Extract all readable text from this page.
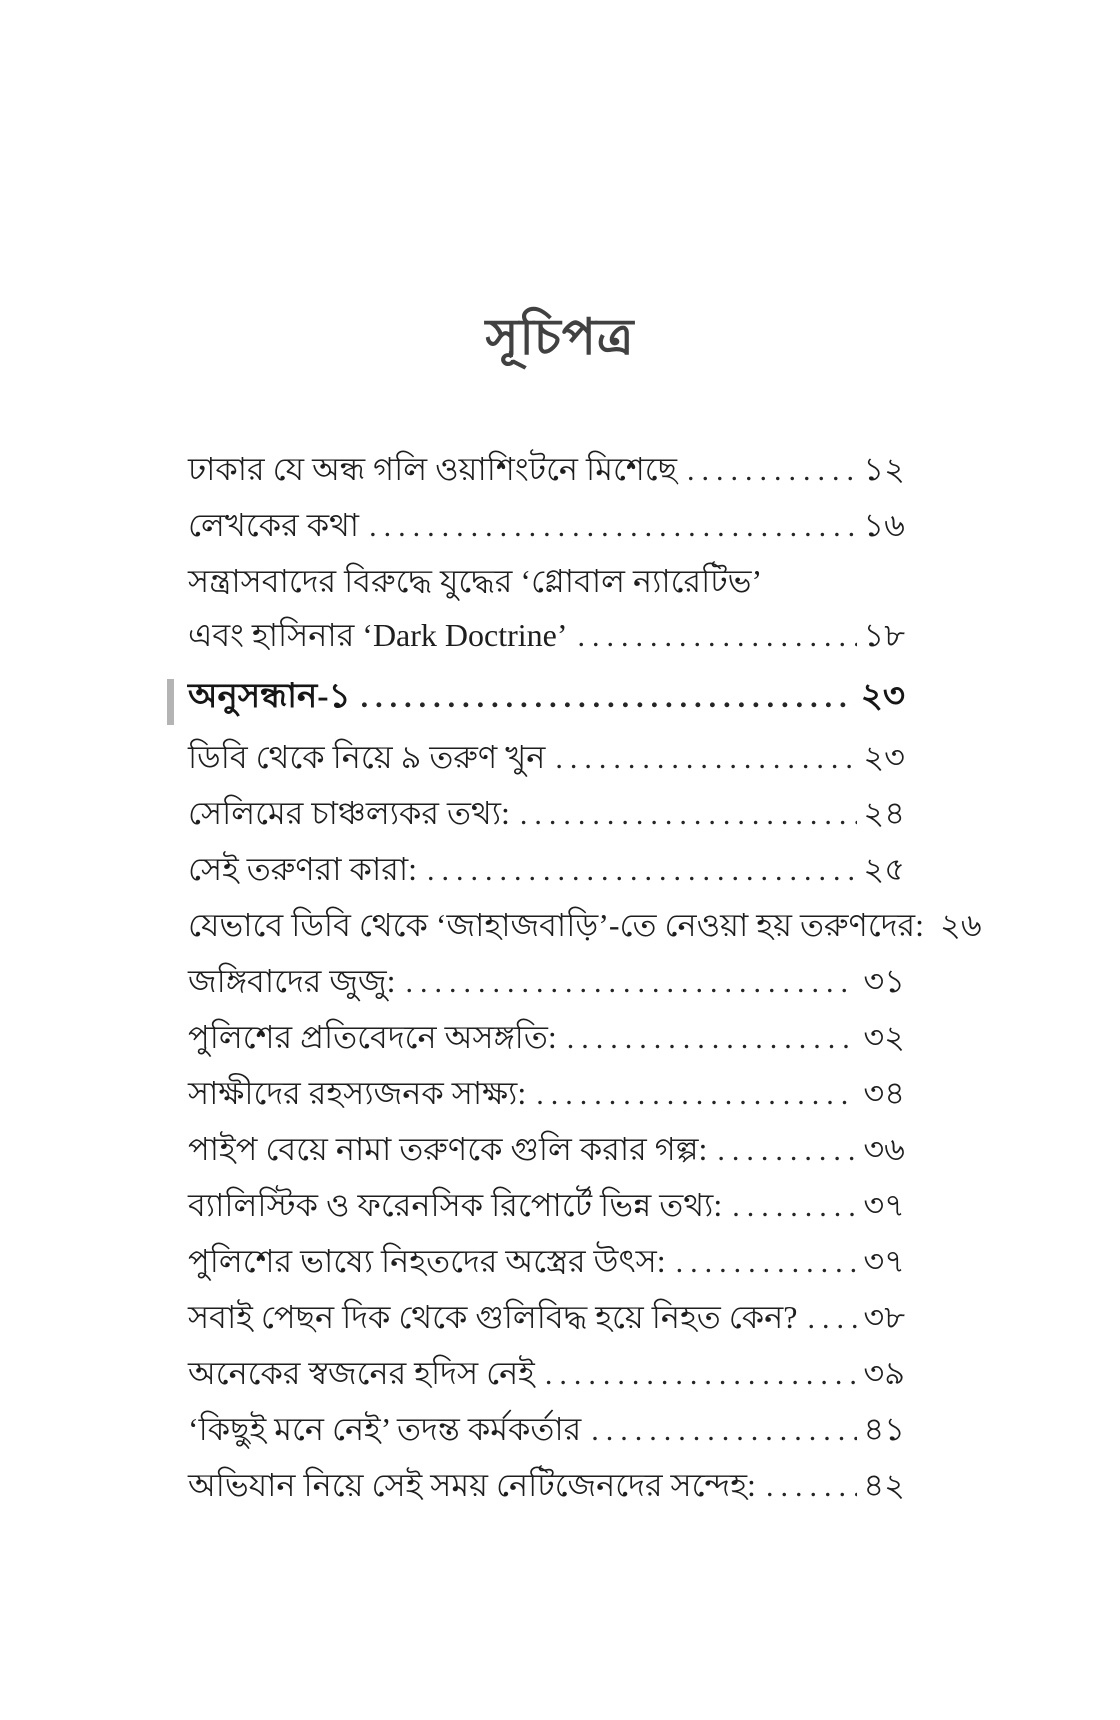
সূচিপত্র
ঢাকার যে অন্ধ গলি ওয়াশিংটনে মিশেছে .....	১২
লেখকের কথা .....	১৬
সন্ত্রাসবাদের বিরুদ্ধে যুদ্ধের ‘গ্লোবাল ন্যারেটিভ’
এবং হাসিনার ‘Dark Doctrine’ .....	১৮
অনুসন্ধান-১ .....	২৩
ডিবি থেকে নিয়ে ৯ তরুণ খুন .....	২৩
সেলিমের চাঞ্চল্যকর তথ্য: .....	২৪
সেই তরুণরা কারা: .....	২৫
যেভাবে ডিবি থেকে ‘জাহাজবাড়ি’-তে নেওয়া হয় তরুণদের: ২৬
জঙ্গিবাদের জুজু: .....	৩১
পুলিশের প্রতিবেদনে অসঙ্গতি: .....	৩২
সাক্ষীদের রহস্যজনক সাক্ষ্য: .....	৩৪
পাইপ বেয়ে নামা তরুণকে গুলি করার গল্প: .....	৩৬
ব্যালিস্টিক ও ফরেনসিক রিপোর্টে ভিন্ন তথ্য: .....	৩৭
পুলিশের ভাষ্যে নিহতদের অস্ত্রের উৎস: .....	৩৭
সবাই পেছন দিক থেকে গুলিবিদ্ধ হয়ে নিহত কেন? ..... ৩৮
অনেকের স্বজনের হদিস নেই .....	৩৯
‘কিছুই মনে নেই’ তদন্ত কর্মকর্তার .....	৪১
অভিযান নিয়ে সেই সময় নেটিজেনদের সন্দেহ: .....	৪২
